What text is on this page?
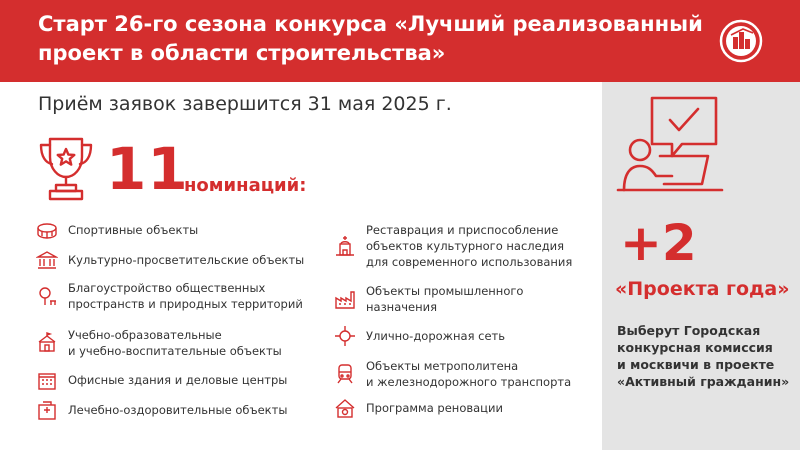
Старт 26-го сезона конкурса «Лучший реализованный проект в области строительства»
Приём заявок завершится 31 мая 2025 г.
11
номинаций:
Спортивные объекты
Культурно-просветительские объекты
Благоустройство общественных
пространств и природных территорий
Учебно-образовательные
и учебно-воспитательные объекты
Офисные здания и деловые центры
Лечебно-оздоровительные объекты
Реставрация и приспособление
объектов культурного наследия
для современного использования
Объекты промышленного
назначения
Улично-дорожная сеть
Объекты метрополитена
и железнодорожного транспорта
Программа реновации
+2
«Проекта года»
Выберут Городская
конкурсная комиссия
и москвичи в проекте
«Активный гражданин»
